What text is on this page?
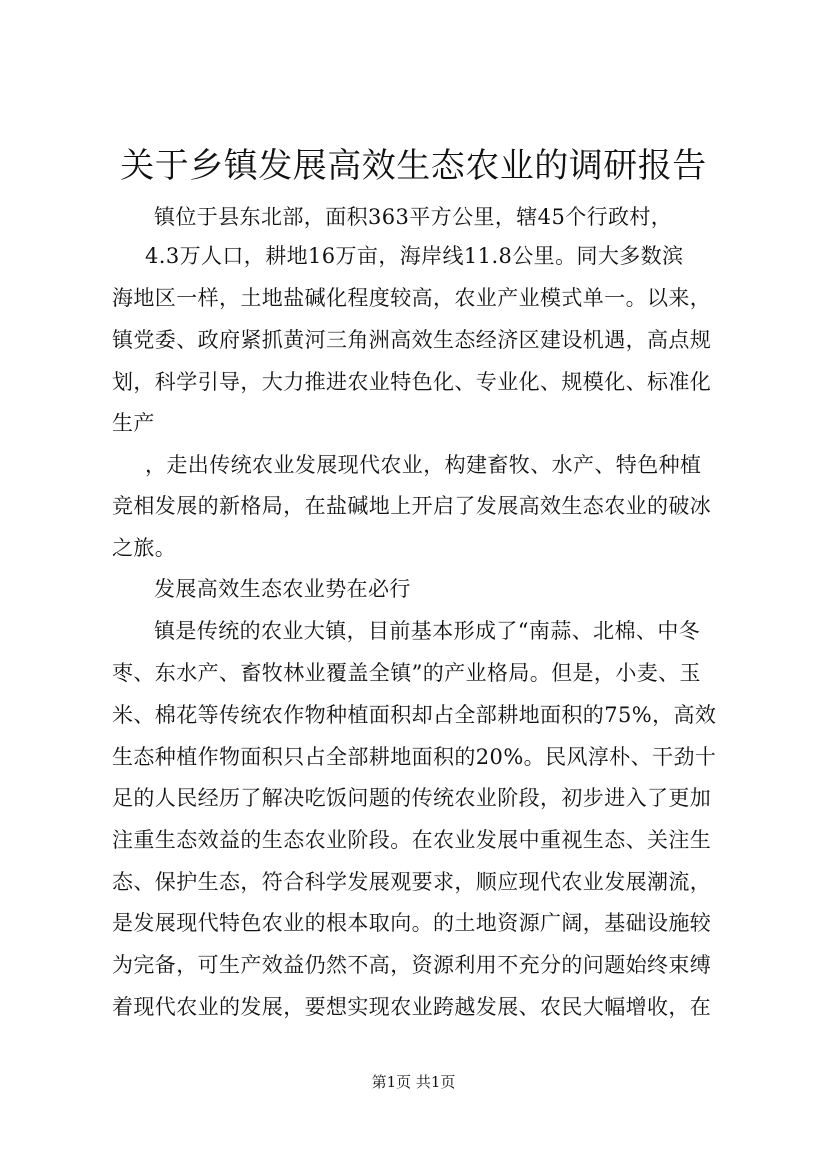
关于乡镇发展高效生态农业的调研报告
镇位于县东北部，面积363平方公里，辖45个行政村，
4.3万人口，耕地16万亩，海岸线11.8公里。同大多数滨
海地区一样，土地盐碱化程度较高，农业产业模式单一。以来，
镇党委、政府紧抓黄河三角洲高效生态经济区建设机遇，高点规
划，科学引导，大力推进农业特色化、专业化、规模化、标准化
生产
，走出传统农业发展现代农业，构建畜牧、水产、特色种植
竞相发展的新格局，在盐碱地上开启了发展高效生态农业的破冰
之旅。
发展高效生态农业势在必行
镇是传统的农业大镇，目前基本形成了“南蒜、北棉、中冬
枣、东水产、畜牧林业覆盖全镇”的产业格局。但是，小麦、玉
米、棉花等传统农作物种植面积却占全部耕地面积的75%，高效
生态种植作物面积只占全部耕地面积的20%。民风淳朴、干劲十
足的人民经历了解决吃饭问题的传统农业阶段，初步进入了更加
注重生态效益的生态农业阶段。在农业发展中重视生态、关注生
态、保护生态，符合科学发展观要求，顺应现代农业发展潮流，
是发展现代特色农业的根本取向。的土地资源广阔，基础设施较
为完备，可生产效益仍然不高，资源利用不充分的问题始终束缚
着现代农业的发展，要想实现农业跨越发展、农民大幅增收，在
第1页 共1页
